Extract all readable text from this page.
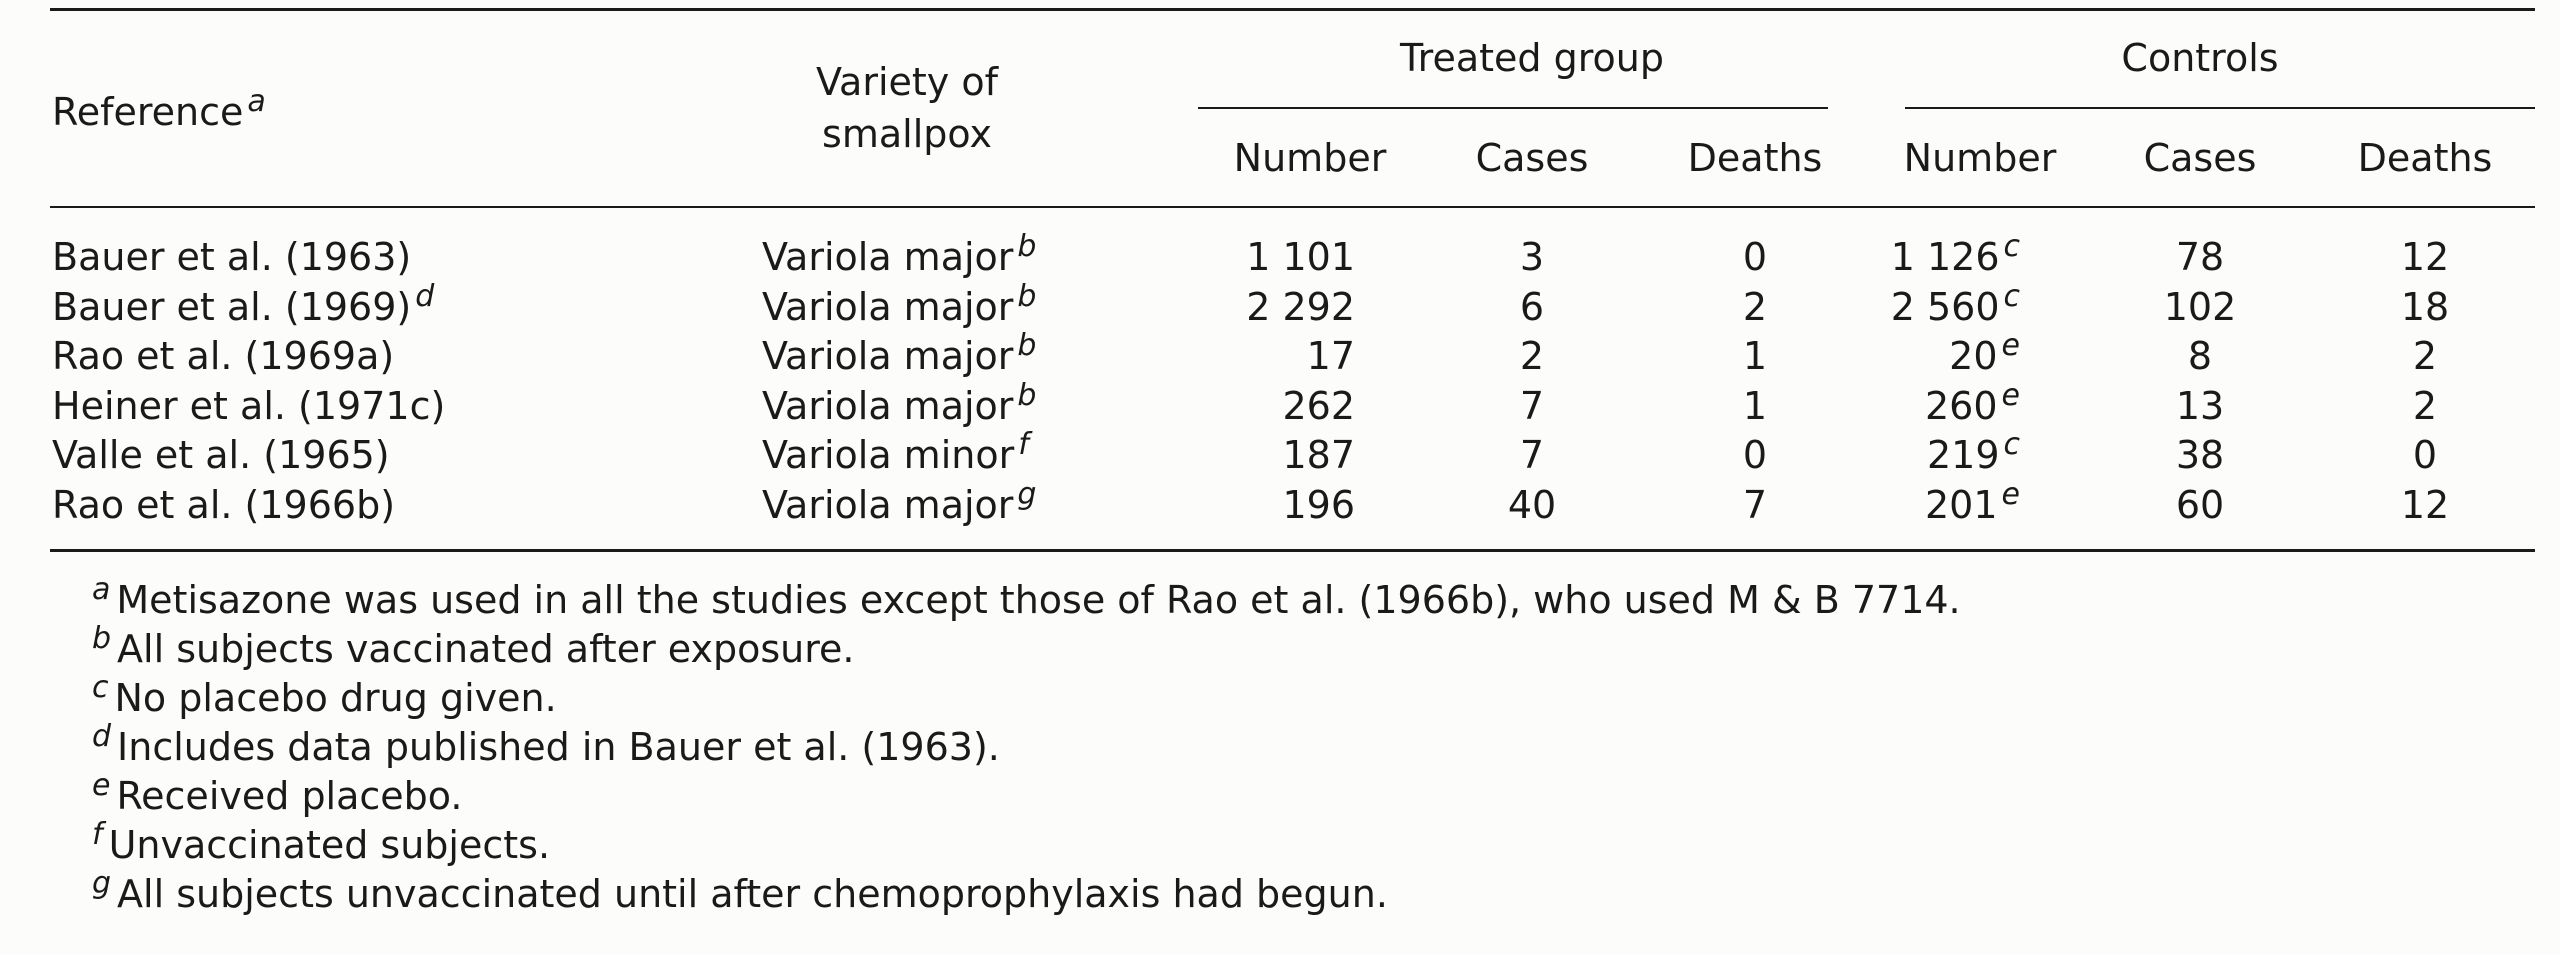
Reference $^a$	Variety of
smallpox
Treated group	Controls
Number Cases	Deaths Number Cases	Deaths
Bauer et al. (1963)	Variola major $^b$	1 101	3	0	1 126 $^c$	78	12
Bauer et al. (1969) $^d$	Variola major $^b$	2 292	6	2	2 560 $^c$	102	18
Rao et al. (1969a)	Variola major $^b$	17	2	1	20 $^e$	8	2
Heiner et al. (1971c)	Variola major $^b$	262	7	1	260 $^e$	13	2
Valle et al. (1965)	Variola minor $^f$	187	7	0	219 $^c$	38	0
Rao et al. (1966b)	Variola major $^g$	196	40	7	201 $^e$	60	12
$^a$ Metisazone was used in all the studies except those of Rao et al. (1966b), who used M & B 7714.
$^b$ All subjects vaccinated after exposure.
$^c$ No placebo drug given.
$^d$ Includes data published in Bauer et al. (1963).
$^e$ Received placebo.
$^f$ Unvaccinated subjects.
$^g$ All subjects unvaccinated until after chemoprophylaxis had begun.
